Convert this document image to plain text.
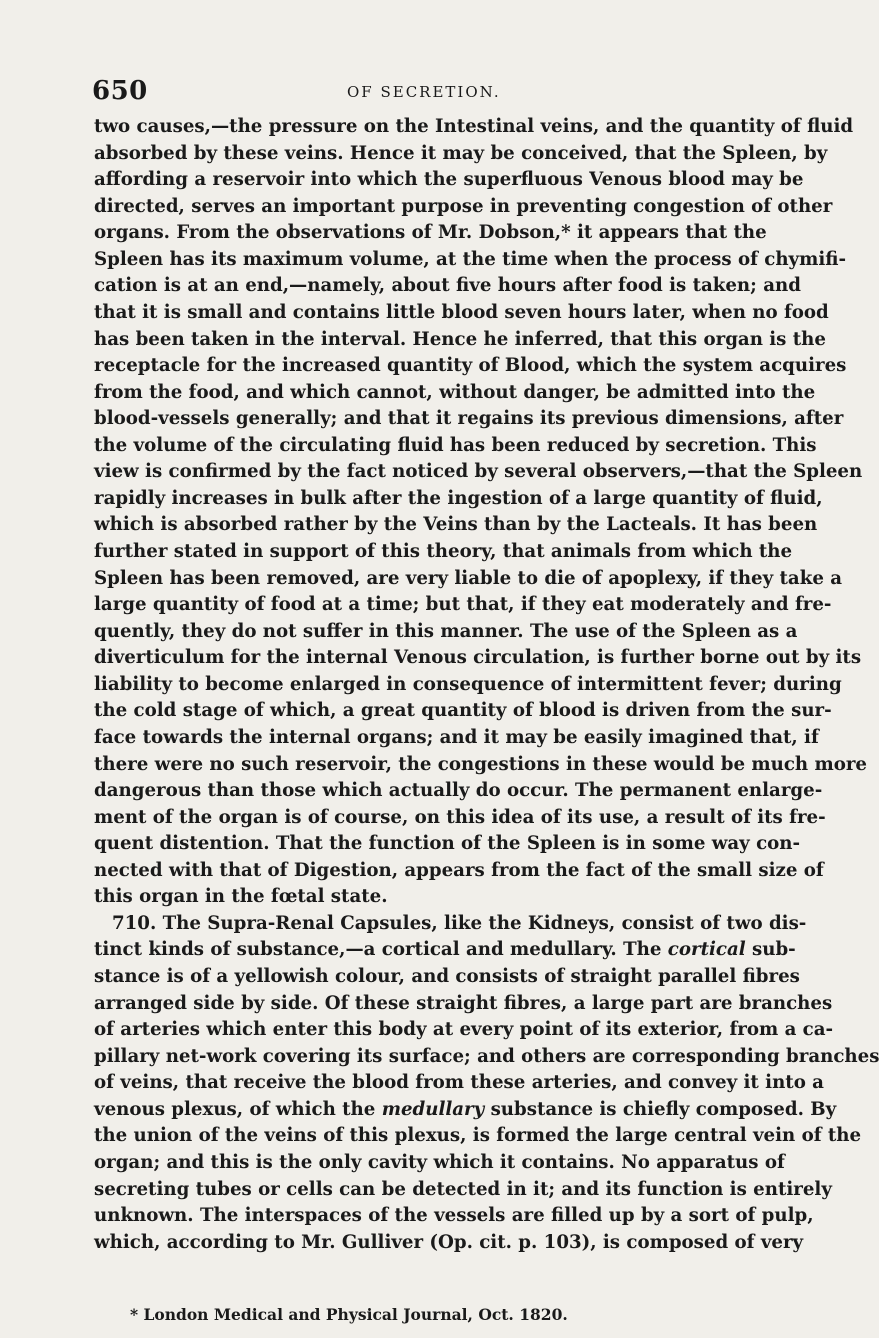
650	OF SECRETION.
two causes,—the pressure on the Intestinal veins, and the quantity of fluid
absorbed by these veins. Hence it may be conceived, that the Spleen, by
affording a reservoir into which the superfluous Venous blood may be
directed, serves an important purpose in preventing congestion of other
organs. From the observations of Mr. Dobson,* it appears that the
Spleen has its maximum volume, at the time when the process of chymifi-
cation is at an end,—namely, about five hours after food is taken; and
that it is small and contains little blood seven hours later, when no food
has been taken in the interval. Hence he inferred, that this organ is the
receptacle for the increased quantity of Blood, which the system acquires
from the food, and which cannot, without danger, be admitted into the
blood-vessels generally; and that it regains its previous dimensions, after
the volume of the circulating fluid has been reduced by secretion. This
view is confirmed by the fact noticed by several observers,—that the Spleen
rapidly increases in bulk after the ingestion of a large quantity of fluid,
which is absorbed rather by the Veins than by the Lacteals. It has been
further stated in support of this theory, that animals from which the
Spleen has been removed, are very liable to die of apoplexy, if they take a
large quantity of food at a time; but that, if they eat moderately and fre-
quently, they do not suffer in this manner. The use of the Spleen as a
diverticulum for the internal Venous circulation, is further borne out by its
liability to become enlarged in consequence of intermittent fever; during
the cold stage of which, a great quantity of blood is driven from the sur-
face towards the internal organs; and it may be easily imagined that, if
there were no such reservoir, the congestions in these would be much more
dangerous than those which actually do occur. The permanent enlarge-
ment of the organ is of course, on this idea of its use, a result of its fre-
quent distention. That the function of the Spleen is in some way con-
nected with that of Digestion, appears from the fact of the small size of
this organ in the fœtal state.
710. The Supra-Renal Capsules, like the Kidneys, consist of two dis-
tinct kinds of substance,—a cortical and medullary. The cortical sub-
stance is of a yellowish colour, and consists of straight parallel fibres
arranged side by side. Of these straight fibres, a large part are branches
of arteries which enter this body at every point of its exterior, from a ca-
pillary net-work covering its surface; and others are corresponding branches
of veins, that receive the blood from these arteries, and convey it into a
venous plexus, of which the medullary substance is chiefly composed. By
the union of the veins of this plexus, is formed the large central vein of the
organ; and this is the only cavity which it contains. No apparatus of
secreting tubes or cells can be detected in it; and its function is entirely
unknown. The interspaces of the vessels are filled up by a sort of pulp,
which, according to Mr. Gulliver (Op. cit. p. 103), is composed of very
* London Medical and Physical Journal, Oct. 1820.
